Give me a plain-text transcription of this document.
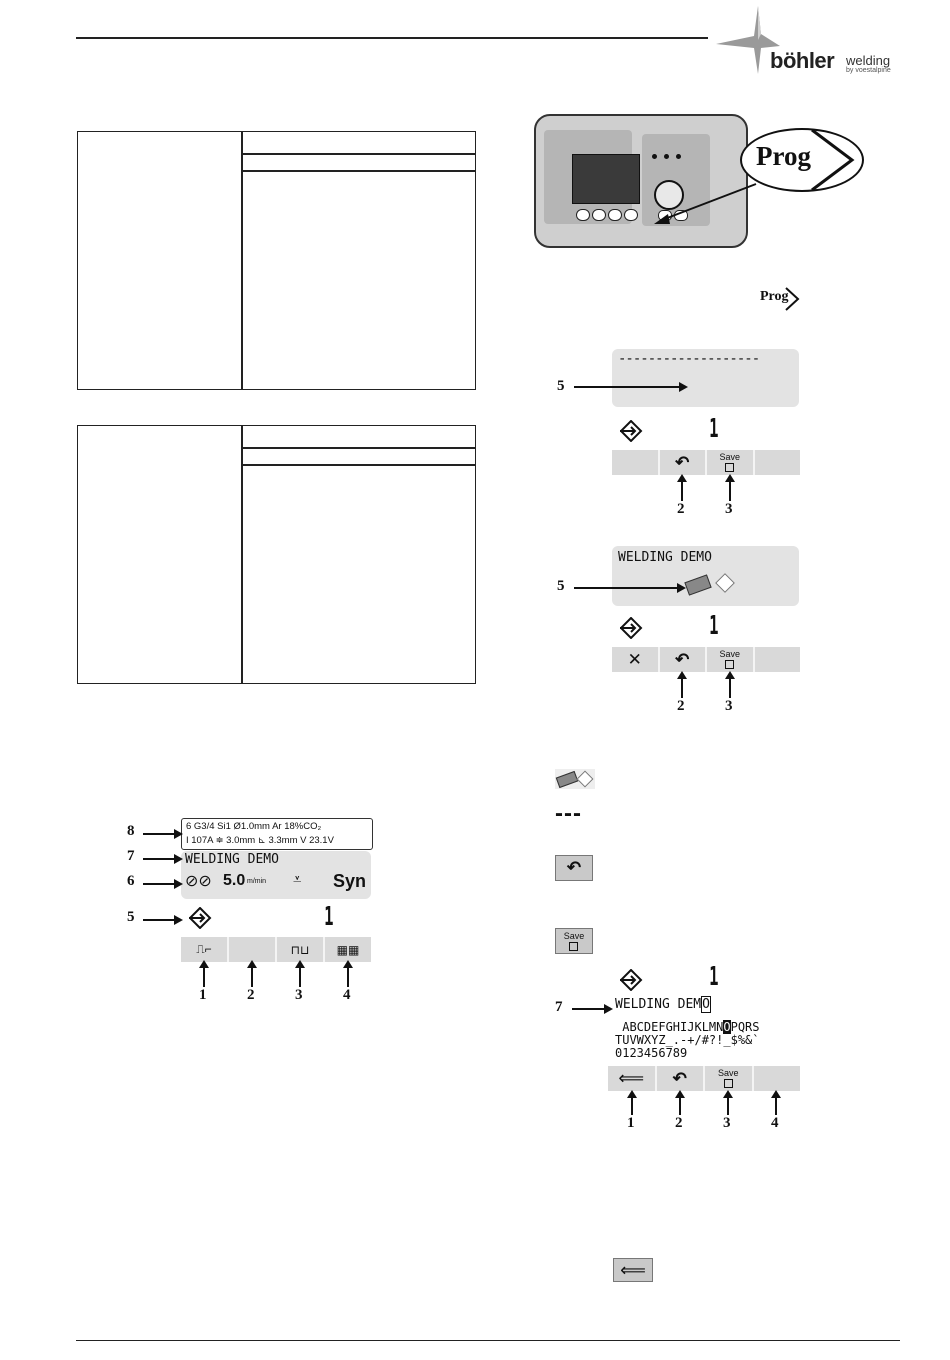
böhler welding
by voestalpine
6 G3/4 Si1 Ø1.0mm Ar 18%CO₂
I 107A ≑ 3.0mm ⊾ 3.3mm V 23.1V
WELDING DEMO
⊘⊘ 5.0 m/min ⩡ Syn
1
⎍⌐	⊓⊔ ▦▦
8
7
6
5
1	2	3	4
Prog
Prog
-------------------
5
1
↶	Save
2	3
WELDING DEMO
5
1
✕ ↶	Save
2	3
---
↶
Save
1
7	WELDING DEMO
ABCDEFGHIJKLMNOPQRS
TUVWXYZ_.-+/#?!_$%&`
0123456789
⟸ ↶	Save
1	2	3	4
⟸
